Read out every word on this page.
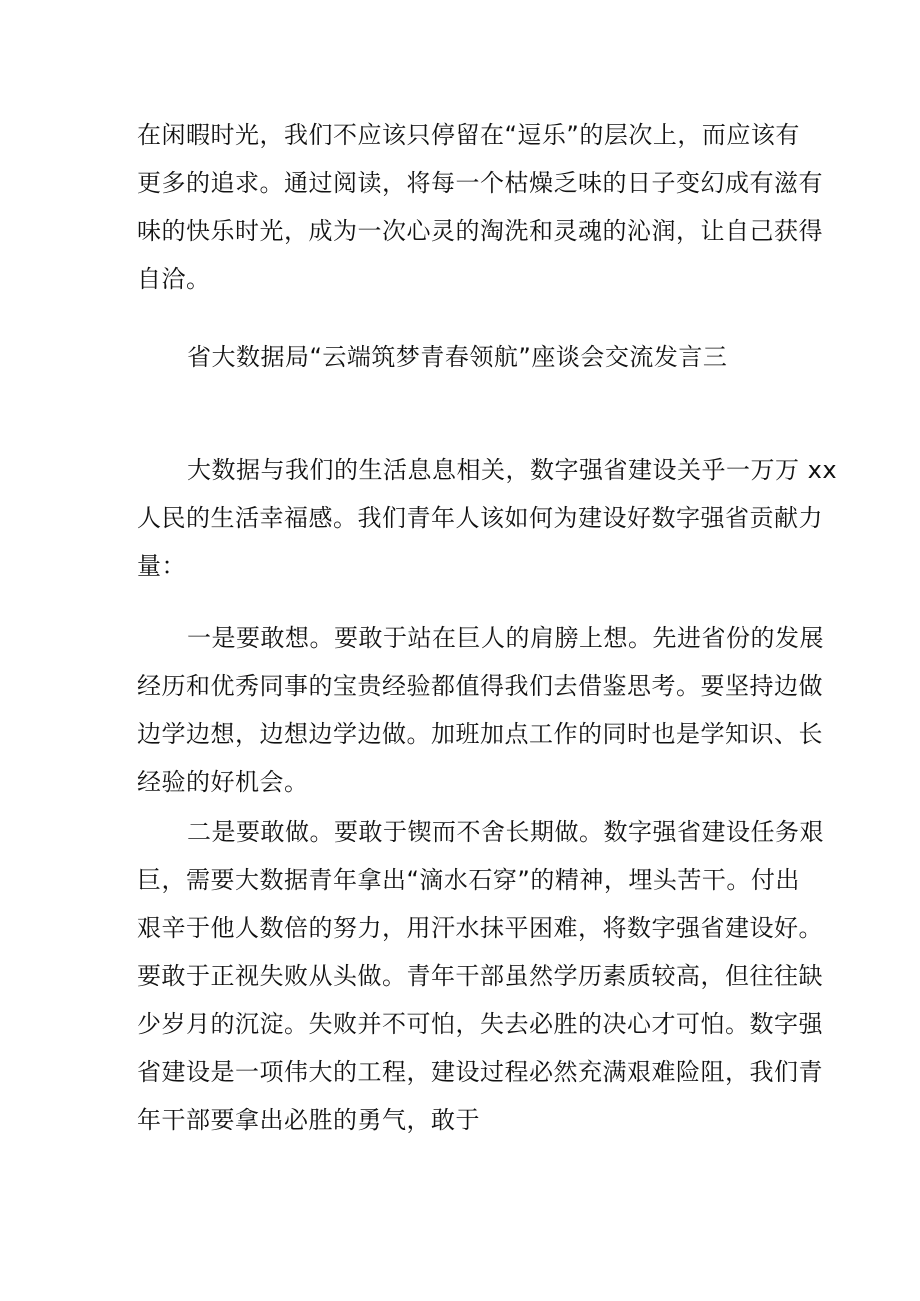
在闲暇时光，我们不应该只停留在“逗乐”的层次上，而应该有
更多的追求。通过阅读，将每一个枯燥乏味的日子变幻成有滋有
味的快乐时光，成为一次心灵的淘洗和灵魂的沁润，让自己获得
自洽。
省大数据局“云端筑梦青春领航”座谈会交流发言三
大数据与我们的生活息息相关，数字强省建设关乎一万万 xx
人民的生活幸福感。我们青年人该如何为建设好数字强省贡献力
量：
一是要敢想。要敢于站在巨人的肩膀上想。先进省份的发展
经历和优秀同事的宝贵经验都值得我们去借鉴思考。要坚持边做
边学边想，边想边学边做。加班加点工作的同时也是学知识、长
经验的好机会。
二是要敢做。要敢于锲而不舍长期做。数字强省建设任务艰
巨，需要大数据青年拿出“滴水石穿”的精神，埋头苦干。付出
艰辛于他人数倍的努力，用汗水抹平困难，将数字强省建设好。
要敢于正视失败从头做。青年干部虽然学历素质较高，但往往缺
少岁月的沉淀。失败并不可怕，失去必胜的决心才可怕。数字强
省建设是一项伟大的工程，建设过程必然充满艰难险阻，我们青
年干部要拿出必胜的勇气，敢于
